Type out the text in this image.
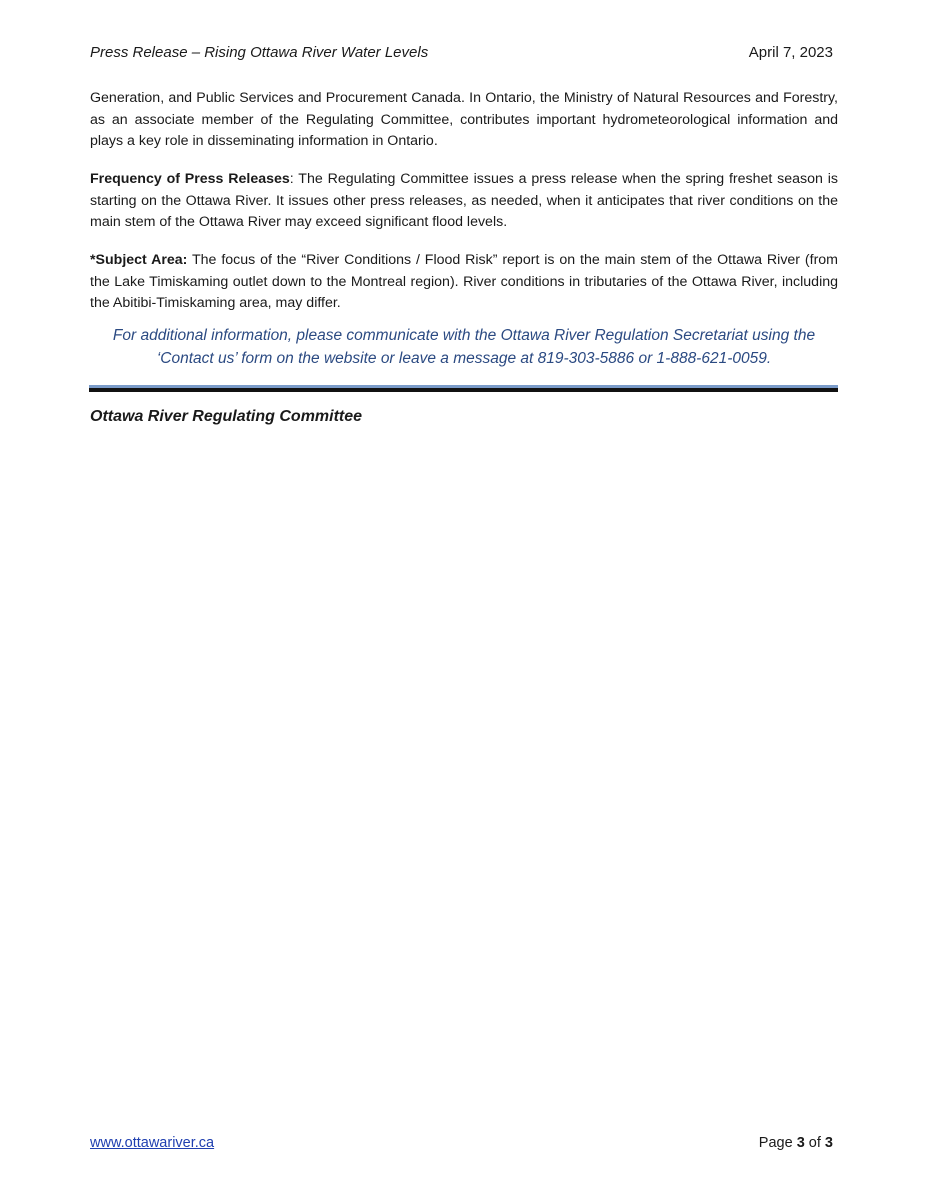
Press Release – Rising Ottawa River Water Levels	April 7, 2023

Generation, and Public Services and Procurement Canada. In Ontario, the Ministry of Natural Resources and Forestry, as an associate member of the Regulating Committee, contributes important hydrometeorological information and plays a key role in disseminating information in Ontario.

Frequency of Press Releases: The Regulating Committee issues a press release when the spring freshet season is starting on the Ottawa River. It issues other press releases, as needed, when it anticipates that river conditions on the main stem of the Ottawa River may exceed significant flood levels.

*Subject Area: The focus of the “River Conditions / Flood Risk” report is on the main stem of the Ottawa River (from the Lake Timiskaming outlet down to the Montreal region). River conditions in tributaries of the Ottawa River, including the Abitibi-Timiskaming area, may differ.

For additional information, please communicate with the Ottawa River Regulation Secretariat using the
‘Contact us’ form on the website or leave a message at 819-303-5886 or 1-888-621-0059.

Ottawa River Regulating Committee
www.ottawariver.ca	Page 3 of 3
